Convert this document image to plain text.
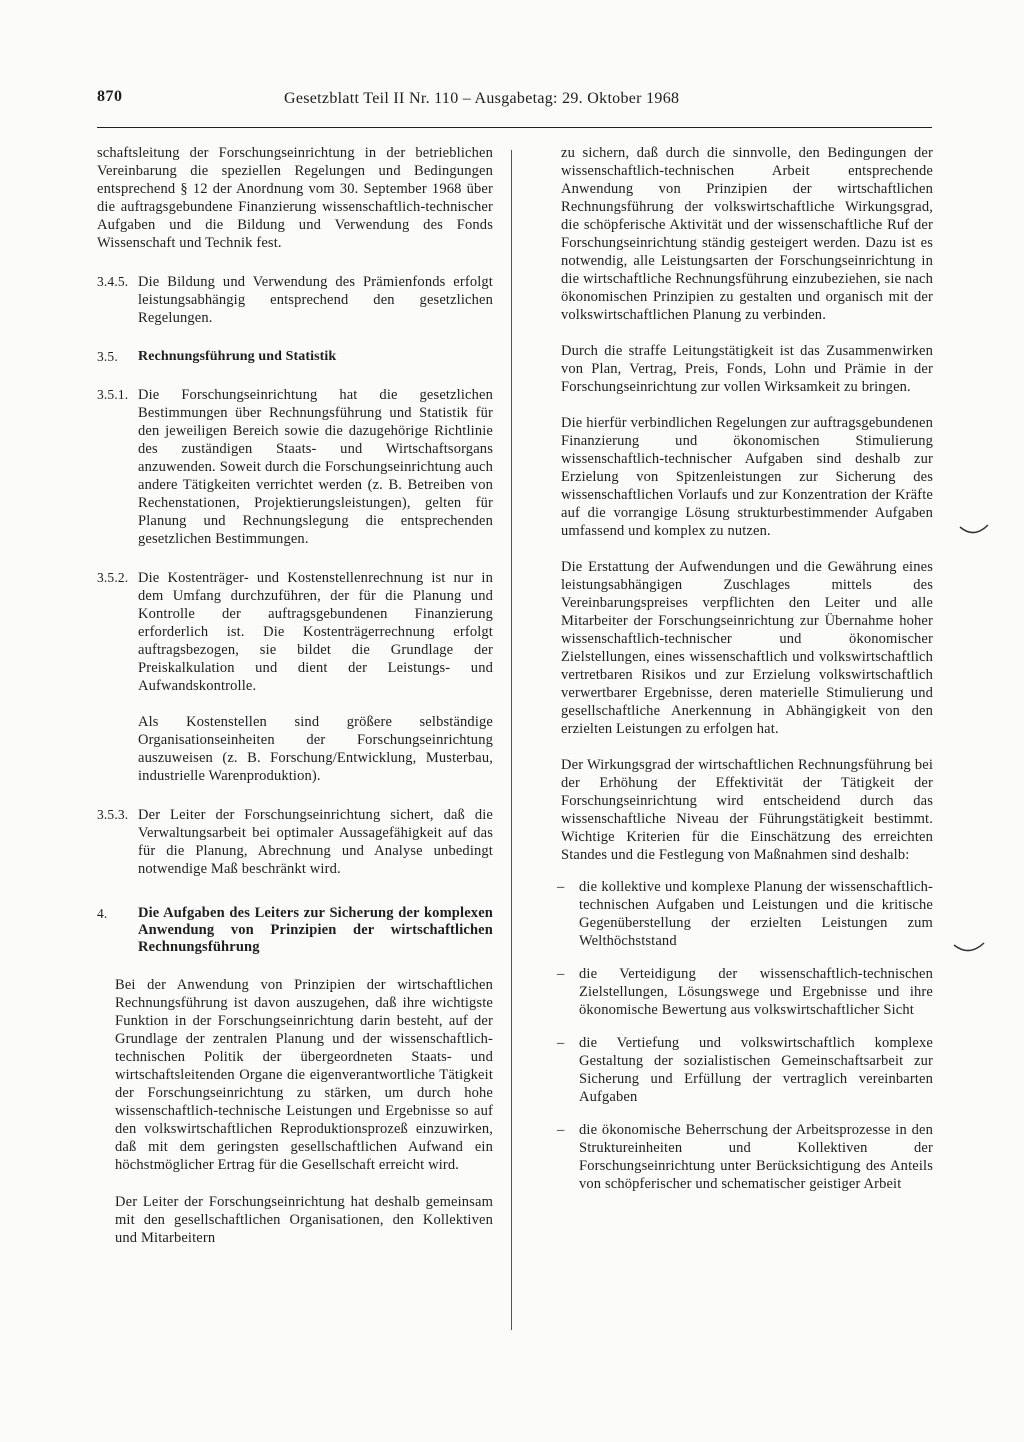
870	Gesetzblatt Teil II Nr. 110 – Ausgabetag: 29. Oktober 1968

schaftsleitung der Forschungseinrichtung in der betrieblichen Vereinbarung die speziellen Regelungen und Bedingungen entsprechend § 12 der Anordnung vom 30. September 1968 über die auftragsgebundene Finanzierung wissenschaftlich-technischer Aufgaben und die Bildung und Verwendung des Fonds Wissenschaft und Technik fest.

3.4.5. Die Bildung und Verwendung des Prämienfonds erfolgt leistungsabhängig entsprechend den gesetzlichen Regelungen.
3.5.	Rechnungsführung und Statistik
3.5.1. Die Forschungseinrichtung hat die gesetzlichen Bestimmungen über Rechnungsführung und Statistik für den jeweiligen Bereich sowie die dazugehörige Richtlinie des zuständigen Staats- und Wirtschaftsorgans anzuwenden. Soweit durch die Forschungseinrichtung auch andere Tätigkeiten verrichtet werden (z. B. Betreiben von Rechenstationen, Projektierungsleistungen), gelten für Planung und Rechnungslegung die entsprechenden gesetzlichen Bestimmungen.
3.5.2. Die Kostenträger- und Kostenstellenrechnung ist nur in dem Umfang durchzuführen, der für die Planung und Kontrolle der auftragsgebundenen Finanzierung erforderlich ist. Die Kostenträgerrechnung erfolgt auftragsbezogen, sie bildet die Grundlage der Preiskalkulation und dient der Leistungs- und Aufwandskontrolle.

Als Kostenstellen sind größere selbständige Organisationseinheiten der Forschungseinrichtung auszuweisen (z. B. Forschung/Entwicklung, Musterbau, industrielle Warenproduktion).

3.5.3. Der Leiter der Forschungseinrichtung sichert, daß die Verwaltungsarbeit bei optimaler Aussagefähigkeit auf das für die Planung, Abrechnung und Analyse unbedingt notwendige Maß beschränkt wird.
4.	Die Aufgaben des Leiters zur Sicherung der komplexen Anwendung von Prinzipien der wirtschaftlichen Rechnungsführung

Bei der Anwendung von Prinzipien der wirtschaftlichen Rechnungsführung ist davon auszugehen, daß ihre wichtigste Funktion in der Forschungseinrichtung darin besteht, auf der Grundlage der zentralen Planung und der wissenschaftlich-technischen Politik der übergeordneten Staats- und wirtschaftsleitenden Organe die eigenverantwortliche Tätigkeit der Forschungseinrichtung zu stärken, um durch hohe wissenschaftlich-technische Leistungen und Ergebnisse so auf den volkswirtschaftlichen Reproduktionsprozeß einzuwirken, daß mit dem geringsten gesellschaftlichen Aufwand ein höchstmöglicher Ertrag für die Gesellschaft erreicht wird.

Der Leiter der Forschungseinrichtung hat deshalb gemeinsam mit den gesellschaftlichen Organisationen, den Kollektiven und Mitarbeitern

zu sichern, daß durch die sinnvolle, den Bedingungen der wissenschaftlich-technischen Arbeit entsprechende Anwendung von Prinzipien der wirtschaftlichen Rechnungsführung der volkswirtschaftliche Wirkungsgrad, die schöpferische Aktivität und der wissenschaftliche Ruf der Forschungseinrichtung ständig gesteigert werden. Dazu ist es notwendig, alle Leistungsarten der Forschungseinrichtung in die wirtschaftliche Rechnungsführung einzubeziehen, sie nach ökonomischen Prinzipien zu gestalten und organisch mit der volkswirtschaftlichen Planung zu verbinden.

Durch die straffe Leitungstätigkeit ist das Zusammenwirken von Plan, Vertrag, Preis, Fonds, Lohn und Prämie in der Forschungseinrichtung zur vollen Wirksamkeit zu bringen.

Die hierfür verbindlichen Regelungen zur auftragsgebundenen Finanzierung und ökonomischen Stimulierung wissenschaftlich-technischer Aufgaben sind deshalb zur Erzielung von Spitzenleistungen zur Sicherung des wissenschaftlichen Vorlaufs und zur Konzentration der Kräfte auf die vorrangige Lösung strukturbestimmender Aufgaben umfassend und komplex zu nutzen.

Die Erstattung der Aufwendungen und die Gewährung eines leistungsabhängigen Zuschlages mittels des Vereinbarungspreises verpflichten den Leiter und alle Mitarbeiter der Forschungseinrichtung zur Übernahme hoher wissenschaftlich-technischer und ökonomischer Zielstellungen, eines wissenschaftlich und volkswirtschaftlich vertretbaren Risikos und zur Erzielung volkswirtschaftlich verwertbarer Ergebnisse, deren materielle Stimulierung und gesellschaftliche Anerkennung in Abhängigkeit von den erzielten Leistungen zu erfolgen hat.

Der Wirkungsgrad der wirtschaftlichen Rechnungsführung bei der Erhöhung der Effektivität der Tätigkeit der Forschungseinrichtung wird entscheidend durch das wissenschaftliche Niveau der Führungstätigkeit bestimmt. Wichtige Kriterien für die Einschätzung des erreichten Standes und die Festlegung von Maßnahmen sind deshalb:

–	die kollektive und komplexe Planung der wissenschaftlich-technischen Aufgaben und Leistungen und die kritische Gegenüberstellung der erzielten Leistungen zum Welthöchststand
–	die Verteidigung der wissenschaftlich-technischen Zielstellungen, Lösungswege und Ergebnisse und ihre ökonomische Bewertung aus volkswirtschaftlicher Sicht
–	die Vertiefung und volkswirtschaftlich komplexe Gestaltung der sozialistischen Gemeinschaftsarbeit zur Sicherung und Erfüllung der vertraglich vereinbarten Aufgaben
–	die ökonomische Beherrschung der Arbeitsprozesse in den Struktureinheiten und Kollektiven der Forschungseinrichtung unter Berücksichtigung des Anteils von schöpferischer und schematischer geistiger Arbeit
